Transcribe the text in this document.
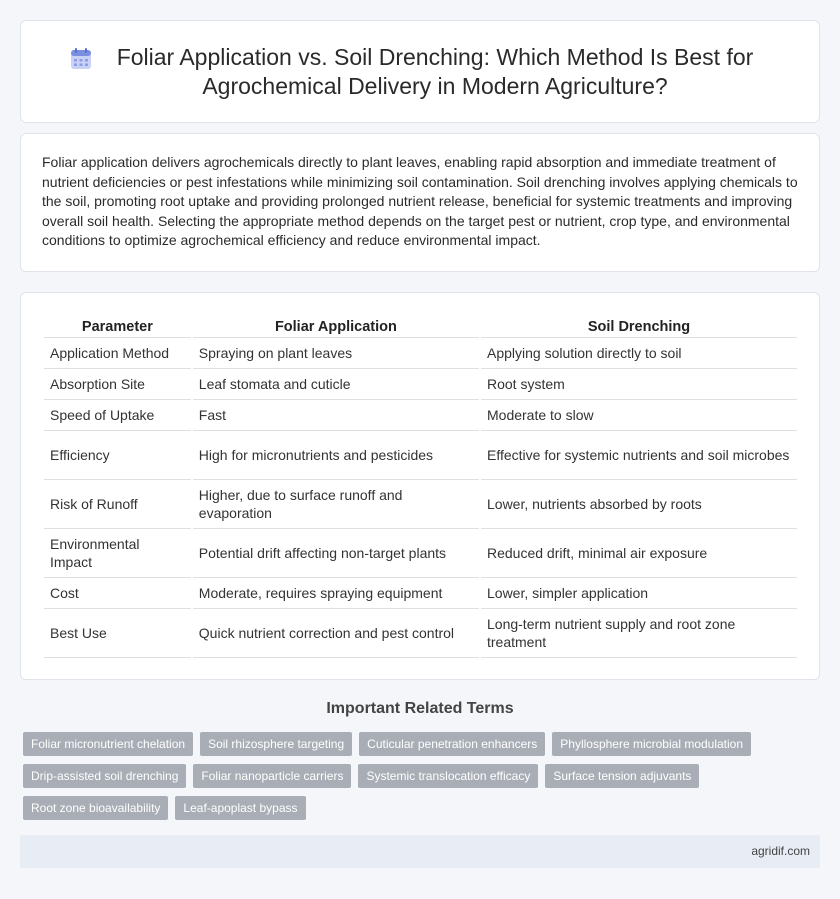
Foliar Application vs. Soil Drenching: Which Method Is Best for Agrochemical Delivery in Modern Agriculture?

Foliar application delivers agrochemicals directly to plant leaves, enabling rapid absorption and immediate treatment of nutrient deficiencies or pest infestations while minimizing soil contamination. Soil drenching involves applying chemicals to the soil, promoting root uptake and providing prolonged nutrient release, beneficial for systemic treatments and improving overall soil health. Selecting the appropriate method depends on the target pest or nutrient, crop type, and environmental conditions to optimize agrochemical efficiency and reduce environmental impact.

Parameter	Foliar Application	Soil Drenching
Application Method	Spraying on plant leaves	Applying solution directly to soil
Absorption Site	Leaf stomata and cuticle	Root system
Speed of Uptake	Fast	Moderate to slow
Efficiency	High for micronutrients and pesticides	Effective for systemic nutrients and soil microbes
Risk of Runoff	Higher, due to surface runoff and evaporation	Lower, nutrients absorbed by roots
Environmental Impact	Potential drift affecting non-target plants	Reduced drift, minimal air exposure
Cost	Moderate, requires spraying equipment	Lower, simpler application
Best Use	Quick nutrient correction and pest control	Long-term nutrient supply and root zone treatment
Important Related Terms
Foliar micronutrient chelation	Soil rhizosphere targeting	Cuticular penetration enhancers	Phyllosphere microbial modulation
Drip-assisted soil drenching	Foliar nanoparticle carriers	Systemic translocation efficacy	Surface tension adjuvants
Root zone bioavailability	Leaf-apoplast bypass
agridif.com
